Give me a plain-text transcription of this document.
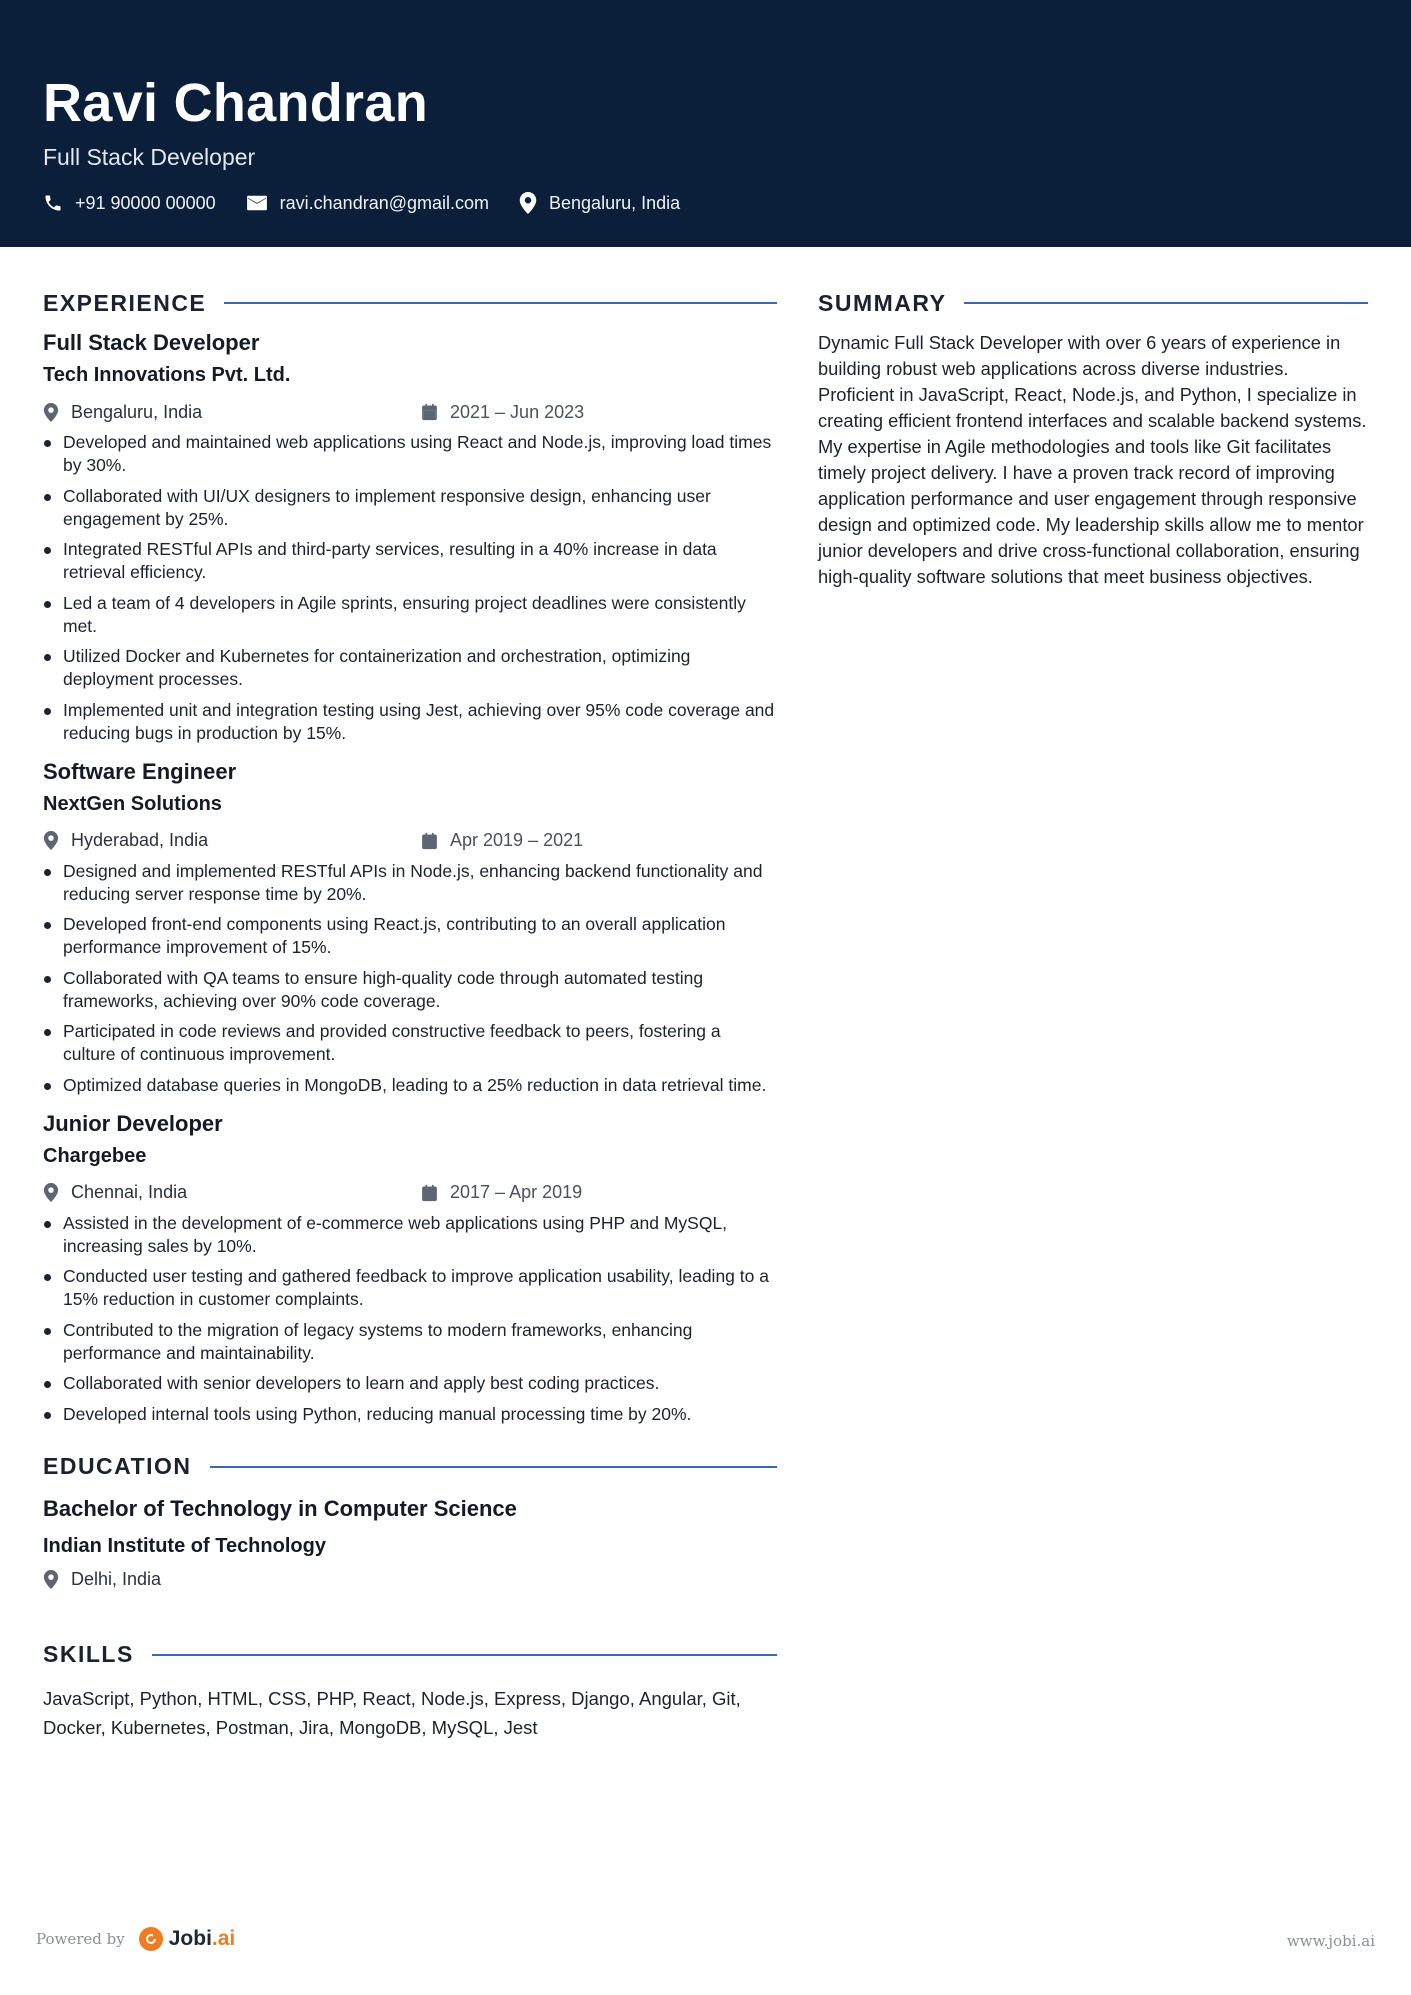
Ravi Chandran
Full Stack Developer
+91 90000 00000	ravi.chandran@gmail.com	Bengaluru, India
EXPERIENCE
Full Stack Developer
Tech Innovations Pvt. Ltd.
Bengaluru, India	2021 – Jun 2023
Developed and maintained web applications using React and Node.js, improving load times by 30%.
Collaborated with UI/UX designers to implement responsive design, enhancing user engagement by 25%.
Integrated RESTful APIs and third-party services, resulting in a 40% increase in data retrieval efficiency.
Led a team of 4 developers in Agile sprints, ensuring project deadlines were consistently met.
Utilized Docker and Kubernetes for containerization and orchestration, optimizing deployment processes.
Implemented unit and integration testing using Jest, achieving over 95% code coverage and reducing bugs in production by 15%.
Software Engineer
NextGen Solutions
Hyderabad, India	Apr 2019 – 2021
Designed and implemented RESTful APIs in Node.js, enhancing backend functionality and reducing server response time by 20%.
Developed front-end components using React.js, contributing to an overall application performance improvement of 15%.
Collaborated with QA teams to ensure high-quality code through automated testing frameworks, achieving over 90% code coverage.
Participated in code reviews and provided constructive feedback to peers, fostering a culture of continuous improvement.
Optimized database queries in MongoDB, leading to a 25% reduction in data retrieval time.
Junior Developer
Chargebee
Chennai, India	2017 – Apr 2019
Assisted in the development of e-commerce web applications using PHP and MySQL, increasing sales by 10%.
Conducted user testing and gathered feedback to improve application usability, leading to a 15% reduction in customer complaints.
Contributed to the migration of legacy systems to modern frameworks, enhancing performance and maintainability.
Collaborated with senior developers to learn and apply best coding practices.
Developed internal tools using Python, reducing manual processing time by 20%.
EDUCATION
Bachelor of Technology in Computer Science
Indian Institute of Technology
Delhi, India
SKILLS
JavaScript, Python, HTML, CSS, PHP, React, Node.js, Express, Django, Angular, Git, Docker, Kubernetes, Postman, Jira, MongoDB, MySQL, Jest
SUMMARY
Dynamic Full Stack Developer with over 6 years of experience in building robust web applications across diverse industries. Proficient in JavaScript, React, Node.js, and Python, I specialize in creating efficient frontend interfaces and scalable backend systems. My expertise in Agile methodologies and tools like Git facilitates timely project delivery. I have a proven track record of improving application performance and user engagement through responsive design and optimized code. My leadership skills allow me to mentor junior developers and drive cross-functional collaboration, ensuring high-quality software solutions that meet business objectives.
Powered by Jobi .ai	www.jobi.ai
